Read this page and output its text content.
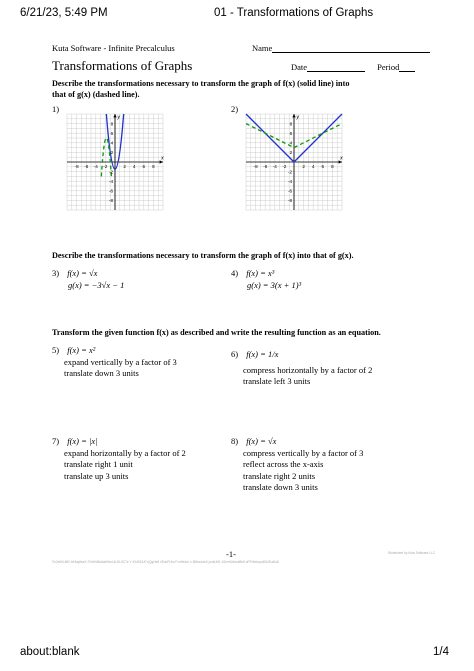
6/21/23, 5:49 PM	01 - Transformations of Graphs
Kuta Software - Infinite Precalculus	Name
Transformations of Graphs	Date	Period
Describe the transformations necessary to transform the graph of f(x) (solid line) into that of g(x) (dashed line).
1)	2)
x
y
x
y
Describe the transformations necessary to transform the graph of f(x) into that of g(x).
3) f(x) = √x
g(x) = −3√x − 1
4) f(x) = x³
g(x) = 3(x + 1)³
Transform the given function f(x) as described and write the resulting function as an equation.
5) f(x) = x²
expand vertically by a factor of 3
translate down 3 units
6) f(x) = 1/x
compress horizontally by a factor of 2
translate left 3 units
7) f(x) = |x|
expand horizontally by a factor of 2
translate right 1 unit
translate up 3 units
8) f(x) = √x
compress vertically by a factor of 3
reflect across the x-axis
translate right 2 units
translate down 3 units
-1-
©c2e0h1l6f0 bKfuqtfaeX SYoff4t5w6afr5ed dLDL5C7e Y 4Xrl51lU0 rjQgHe8 rSNoPr4sr7i erffeAd. v 8MnaLde0 jwoitJh9 JI2nmfUinioit8e8 aPFr8ekcyaIlSclEul0s8.
Worksheet by Kuta Software LLC
about:blank	1/4
